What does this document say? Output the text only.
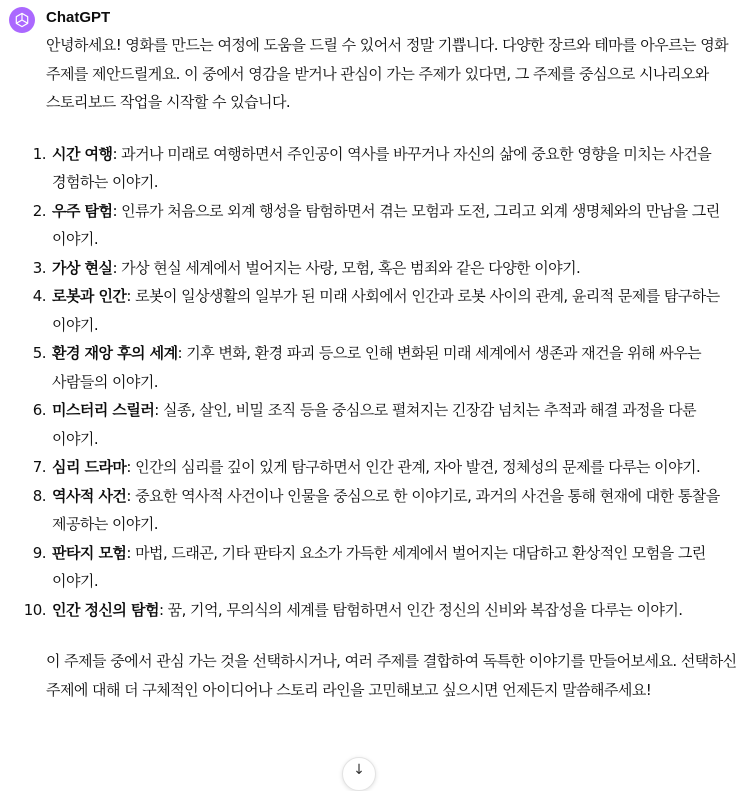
ChatGPT

안녕하세요! 영화를 만드는 여정에 도움을 드릴 수 있어서 정말 기쁩니다. 다양한 장르와 테마를 아우르는 영화 주제를 제안드릴게요. 이 중에서 영감을 받거나 관심이 가는 주제가 있다면, 그 주제를 중심으로 시나리오와 스토리보드 작업을 시작할 수 있습니다.

1. 시간 여행: 과거나 미래로 여행하면서 주인공이 역사를 바꾸거나 자신의 삶에 중요한 영향을 미치는 사건을 경험하는 이야기.
2. 우주 탐험: 인류가 처음으로 외계 행성을 탐험하면서 겪는 모험과 도전, 그리고 외계 생명체와의 만남을 그린 이야기.
3. 가상 현실: 가상 현실 세계에서 벌어지는 사랑, 모험, 혹은 범죄와 같은 다양한 이야기.
4. 로봇과 인간: 로봇이 일상생활의 일부가 된 미래 사회에서 인간과 로봇 사이의 관계, 윤리적 문제를 탐구하는 이야기.
5. 환경 재앙 후의 세계: 기후 변화, 환경 파괴 등으로 인해 변화된 미래 세계에서 생존과 재건을 위해 싸우는 사람들의 이야기.
6. 미스터리 스릴러: 실종, 살인, 비밀 조직 등을 중심으로 펼쳐지는 긴장감 넘치는 추적과 해결 과정을 다룬 이야기.
7. 심리 드라마: 인간의 심리를 깊이 있게 탐구하면서 인간 관계, 자아 발견, 정체성의 문제를 다루는 이야기.
8. 역사적 사건: 중요한 역사적 사건이나 인물을 중심으로 한 이야기로, 과거의 사건을 통해 현재에 대한 통찰을 제공하는 이야기.
9. 판타지 모험: 마법, 드래곤, 기타 판타지 요소가 가득한 세계에서 벌어지는 대담하고 환상적인 모험을 그린 이야기.
10. 인간 정신의 탐험: 꿈, 기억, 무의식의 세계를 탐험하면서 인간 정신의 신비와 복잡성을 다루는 이야기.

이 주제들 중에서 관심 가는 것을 선택하시거나, 여러 주제를 결합하여 독특한 이야기를 만들어보세요. 선택하신 주제에 대해 더 구체적인 아이디어나 스토리 라인을 고민해보고 싶으시면 언제든지 말씀해주세요!

↓
